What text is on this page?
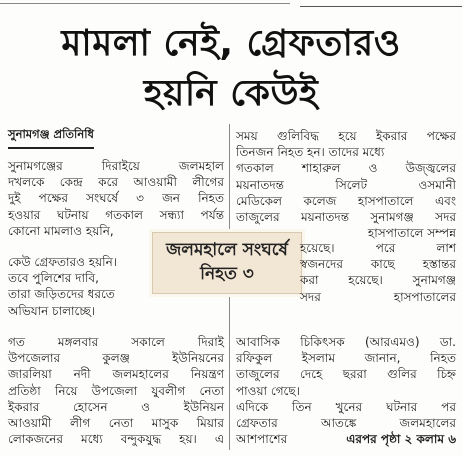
মামলা নেই, গ্রেফতারও
হয়নি কেউই
সুনামগঞ্জ প্রতিনিধি
সুনামগঞ্জের দিরাইয়ে জলমহাল
দখলকে কেন্দ্র করে আওয়ামী লীগের
দুই পক্ষের সংঘর্ষে ৩ জন নিহত
হওয়ার ঘটনায় গতকাল সন্ধ্যা পর্যন্ত
কোনো মামলাও হয়নি,
কেউ গ্রেফতারও হয়নি।
তবে পুলিশের দাবি,
তারা জড়িতদের ধরতে
অভিযান চালাচ্ছে।
গত মঙ্গলবার সকালে দিরাই
উপজেলার কুলঞ্জ ইউনিয়নের
জারলিয়া নদী জলমহালের নিয়ন্ত্রণ
প্রতিষ্ঠা নিয়ে উপজেলা যুবলীগ নেতা
ইকরার হোসেন ও ইউনিয়ন
আওয়ামী লীগ নেতা মাসুক মিয়ার
লোকজনের মধ্যে বন্দুকযুদ্ধ হয়। এ
জলমহালে সংঘর্ষে
নিহত ৩
সময় গুলিবিদ্ধ হয়ে ইকরার পক্ষের
তিনজন নিহত হন। তাদের মধ্যে
গতকাল শাহারুল ও উজ্জ্বলের
ময়নাতদন্ত সিলেট ওসমানী
মেডিকেল কলেজ হাসপাতালে এবং
তাজুলের ময়নাতদন্ত সুনামগঞ্জ সদর
হাসপাতালে সম্পন্ন
হয়েছে। পরে লাশ
স্বজনদের কাছে হস্তান্তর
করা হয়েছে। সুনামগঞ্জ
সদর হাসপাতালের
আবাসিক চিকিৎসক (আরএমও) ডা.
রফিকুল ইসলাম জানান, নিহত
তাজুলের দেহে ছররা গুলির চিহ্ন
পাওয়া গেছে।
এদিকে তিন খুনের ঘটনার পর
গ্রেফতার আতঙ্কে জলমহালের
আশপাশের	এরপর পৃষ্ঠা ২ কলাম ৬
